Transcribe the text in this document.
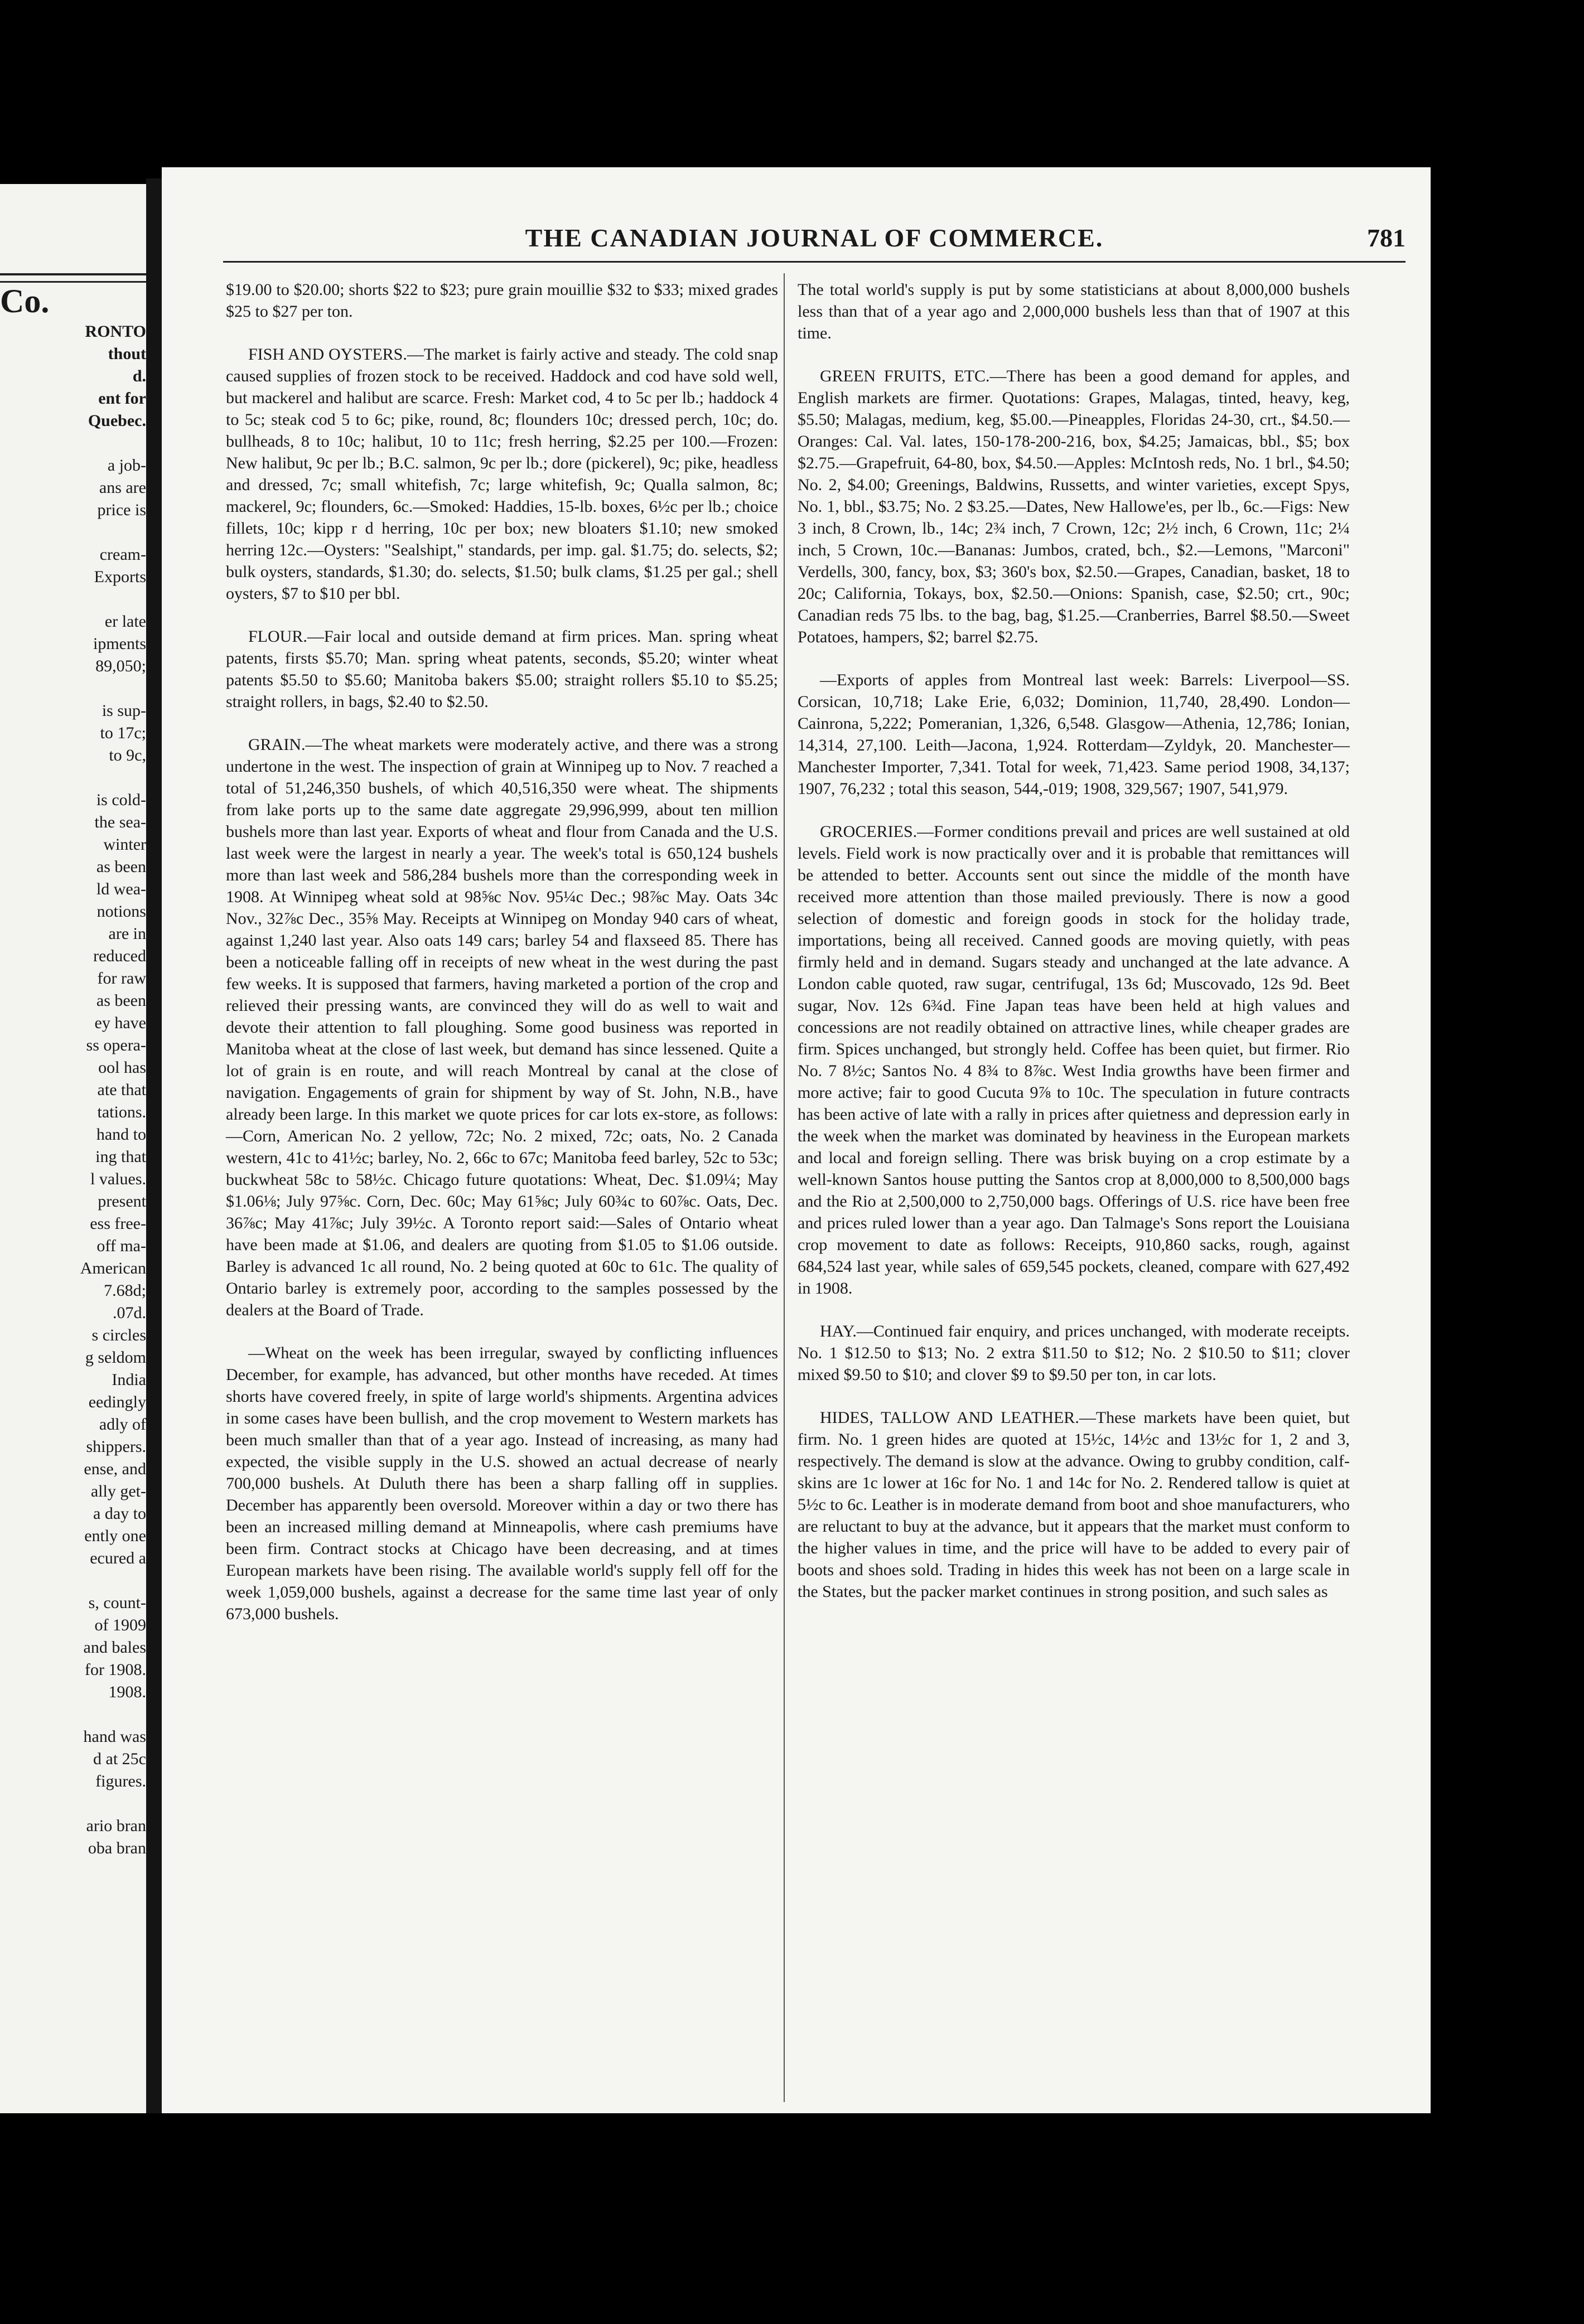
Co.
RONTO
thout
d.
ent for
Quebec.
a job-
ans are
price is
cream-
Exports
er late
ipments
89,050;
is sup-
to 17c;
to 9c,
is cold-
the sea-
winter
as been
ld wea-
notions
are in
reduced
for raw
as been
ey have
ss opera-
ool has
ate that
tations.
hand to
ing that
l values.
present
ess free-
off ma-
American
7.68d;
.07d.
s circles
g seldom
India
eedingly
adly of
shippers.
ense, and
ally get-
a day to
ently one
ecured a
s, count-
of 1909
and bales
for 1908.
1908.
hand was
d at 25c
figures.
ario bran
oba bran
THE CANADIAN JOURNAL OF COMMERCE.	781

$19.00 to $20.00; shorts $22 to $23; pure grain mouillie $32 to $33; mixed grades $25 to $27 per ton.

FISH AND OYSTERS.—The market is fairly active and steady. The cold snap caused supplies of frozen stock to be received. Haddock and cod have sold well, but mackerel and halibut are scarce. Fresh: Market cod, 4 to 5c per lb.; haddock 4 to 5c; steak cod 5 to 6c; pike, round, 8c; flounders 10c; dressed perch, 10c; do. bullheads, 8 to 10c; halibut, 10 to 11c; fresh herring, $2.25 per 100.—Frozen: New halibut, 9c per lb.; B.C. salmon, 9c per lb.; dore (pickerel), 9c; pike, headless and dressed, 7c; small whitefish, 7c; large whitefish, 9c; Qualla salmon, 8c; mackerel, 9c; flounders, 6c.—Smoked: Haddies, 15-lb. boxes, 6½c per lb.; choice fillets, 10c; kipp r d herring, 10c per box; new bloaters $1.10; new smoked herring 12c.—Oysters: "Sealshipt," standards, per imp. gal. $1.75; do. selects, $2; bulk oysters, standards, $1.30; do. selects, $1.50; bulk clams, $1.25 per gal.; shell oysters, $7 to $10 per bbl.

FLOUR.—Fair local and outside demand at firm prices. Man. spring wheat patents, firsts $5.70; Man. spring wheat patents, seconds, $5.20; winter wheat patents $5.50 to $5.60; Manitoba bakers $5.00; straight rollers $5.10 to $5.25; straight rollers, in bags, $2.40 to $2.50.

GRAIN.—The wheat markets were moderately active, and there was a strong undertone in the west. The inspection of grain at Winnipeg up to Nov. 7 reached a total of 51,246,350 bushels, of which 40,516,350 were wheat. The shipments from lake ports up to the same date aggregate 29,996,999, about ten million bushels more than last year. Exports of wheat and flour from Canada and the U.S. last week were the largest in nearly a year. The week's total is 650,124 bushels more than last week and 586,284 bushels more than the corresponding week in 1908. At Winnipeg wheat sold at 98⅝c Nov. 95¼c Dec.; 98⅞c May. Oats 34c Nov., 32⅞c Dec., 35⅝ May. Receipts at Winnipeg on Monday 940 cars of wheat, against 1,240 last year. Also oats 149 cars; barley 54 and flaxseed 85. There has been a noticeable falling off in receipts of new wheat in the west during the past few weeks. It is supposed that farmers, having marketed a portion of the crop and relieved their pressing wants, are convinced they will do as well to wait and devote their attention to fall ploughing. Some good business was reported in Manitoba wheat at the close of last week, but demand has since lessened. Quite a lot of grain is en route, and will reach Montreal by canal at the close of navigation. Engagements of grain for shipment by way of St. John, N.B., have already been large. In this market we quote prices for car lots ex-store, as follows:—Corn, American No. 2 yellow, 72c; No. 2 mixed, 72c; oats, No. 2 Canada western, 41c to 41½c; barley, No. 2, 66c to 67c; Manitoba feed barley, 52c to 53c; buckwheat 58c to 58½c. Chicago future quotations: Wheat, Dec. $1.09¼; May $1.06⅛; July 97⅝c. Corn, Dec. 60c; May 61⅝c; July 60¾c to 60⅞c. Oats, Dec. 36⅞c; May 41⅞c; July 39½c. A Toronto report said:—Sales of Ontario wheat have been made at $1.06, and dealers are quoting from $1.05 to $1.06 outside. Barley is advanced 1c all round, No. 2 being quoted at 60c to 61c. The quality of Ontario barley is extremely poor, according to the samples possessed by the dealers at the Board of Trade.

—Wheat on the week has been irregular, swayed by conflicting influences December, for example, has advanced, but other months have receded. At times shorts have covered freely, in spite of large world's shipments. Argentina advices in some cases have been bullish, and the crop movement to Western markets has been much smaller than that of a year ago. Instead of increasing, as many had expected, the visible supply in the U.S. showed an actual decrease of nearly 700,000 bushels. At Duluth there has been a sharp falling off in supplies. December has apparently been oversold. Moreover within a day or two there has been an increased milling demand at Minneapolis, where cash premiums have been firm. Contract stocks at Chicago have been decreasing, and at times European markets have been rising. The available world's supply fell off for the week 1,059,000 bushels, against a decrease for the same time last year of only 673,000 bushels.

The total world's supply is put by some statisticians at about 8,000,000 bushels less than that of a year ago and 2,000,000 bushels less than that of 1907 at this time.

GREEN FRUITS, ETC.—There has been a good demand for apples, and English markets are firmer. Quotations: Grapes, Malagas, tinted, heavy, keg, $5.50; Malagas, medium, keg, $5.00.—Pineapples, Floridas 24-30, crt., $4.50.—Oranges: Cal. Val. lates, 150-178-200-216, box, $4.25; Jamaicas, bbl., $5; box $2.75.—Grapefruit, 64-80, box, $4.50.—Apples: McIntosh reds, No. 1 brl., $4.50; No. 2, $4.00; Greenings, Baldwins, Russetts, and winter varieties, except Spys, No. 1, bbl., $3.75; No. 2 $3.25.—Dates, New Hallowe'es, per lb., 6c.—Figs: New 3 inch, 8 Crown, lb., 14c; 2¾ inch, 7 Crown, 12c; 2½ inch, 6 Crown, 11c; 2¼ inch, 5 Crown, 10c.—Bananas: Jumbos, crated, bch., $2.—Lemons, "Marconi" Verdells, 300, fancy, box, $3; 360's box, $2.50.—Grapes, Canadian, basket, 18 to 20c; California, Tokays, box, $2.50.—Onions: Spanish, case, $2.50; crt., 90c; Canadian reds 75 lbs. to the bag, bag, $1.25.—Cranberries, Barrel $8.50.—Sweet Potatoes, hampers, $2; barrel $2.75.

—Exports of apples from Montreal last week: Barrels: Liverpool—SS. Corsican, 10,718; Lake Erie, 6,032; Dominion, 11,740, 28,490. London—Cainrona, 5,222; Pomeranian, 1,326, 6,548. Glasgow—Athenia, 12,786; Ionian, 14,314, 27,100. Leith—Jacona, 1,924. Rotterdam—Zyldyk, 20. Manchester—Manchester Importer, 7,341. Total for week, 71,423. Same period 1908, 34,137; 1907, 76,232 ; total this season, 544,-019; 1908, 329,567; 1907, 541,979.

GROCERIES.—Former conditions prevail and prices are well sustained at old levels. Field work is now practically over and it is probable that remittances will be attended to better. Accounts sent out since the middle of the month have received more attention than those mailed previously. There is now a good selection of domestic and foreign goods in stock for the holiday trade, importations, being all received. Canned goods are moving quietly, with peas firmly held and in demand. Sugars steady and unchanged at the late advance. A London cable quoted, raw sugar, centrifugal, 13s 6d; Muscovado, 12s 9d. Beet sugar, Nov. 12s 6¾d. Fine Japan teas have been held at high values and concessions are not readily obtained on attractive lines, while cheaper grades are firm. Spices unchanged, but strongly held. Coffee has been quiet, but firmer. Rio No. 7 8½c; Santos No. 4 8¾ to 8⅞c. West India growths have been firmer and more active; fair to good Cucuta 9⅞ to 10c. The speculation in future contracts has been active of late with a rally in prices after quietness and depression early in the week when the market was dominated by heaviness in the European markets and local and foreign selling. There was brisk buying on a crop estimate by a well-known Santos house putting the Santos crop at 8,000,000 to 8,500,000 bags and the Rio at 2,500,000 to 2,750,000 bags. Offerings of U.S. rice have been free and prices ruled lower than a year ago. Dan Talmage's Sons report the Louisiana crop movement to date as follows: Receipts, 910,860 sacks, rough, against 684,524 last year, while sales of 659,545 pockets, cleaned, compare with 627,492 in 1908.

HAY.—Continued fair enquiry, and prices unchanged, with moderate receipts. No. 1 $12.50 to $13; No. 2 extra $11.50 to $12; No. 2 $10.50 to $11; clover mixed $9.50 to $10; and clover $9 to $9.50 per ton, in car lots.

HIDES, TALLOW AND LEATHER.—These markets have been quiet, but firm. No. 1 green hides are quoted at 15½c, 14½c and 13½c for 1, 2 and 3, respectively. The demand is slow at the advance. Owing to grubby condition, calf-skins are 1c lower at 16c for No. 1 and 14c for No. 2. Rendered tallow is quiet at 5½c to 6c. Leather is in moderate demand from boot and shoe manufacturers, who are reluctant to buy at the advance, but it appears that the market must conform to the higher values in time, and the price will have to be added to every pair of boots and shoes sold. Trading in hides this week has not been on a large scale in the States, but the packer market continues in strong position, and such sales as
